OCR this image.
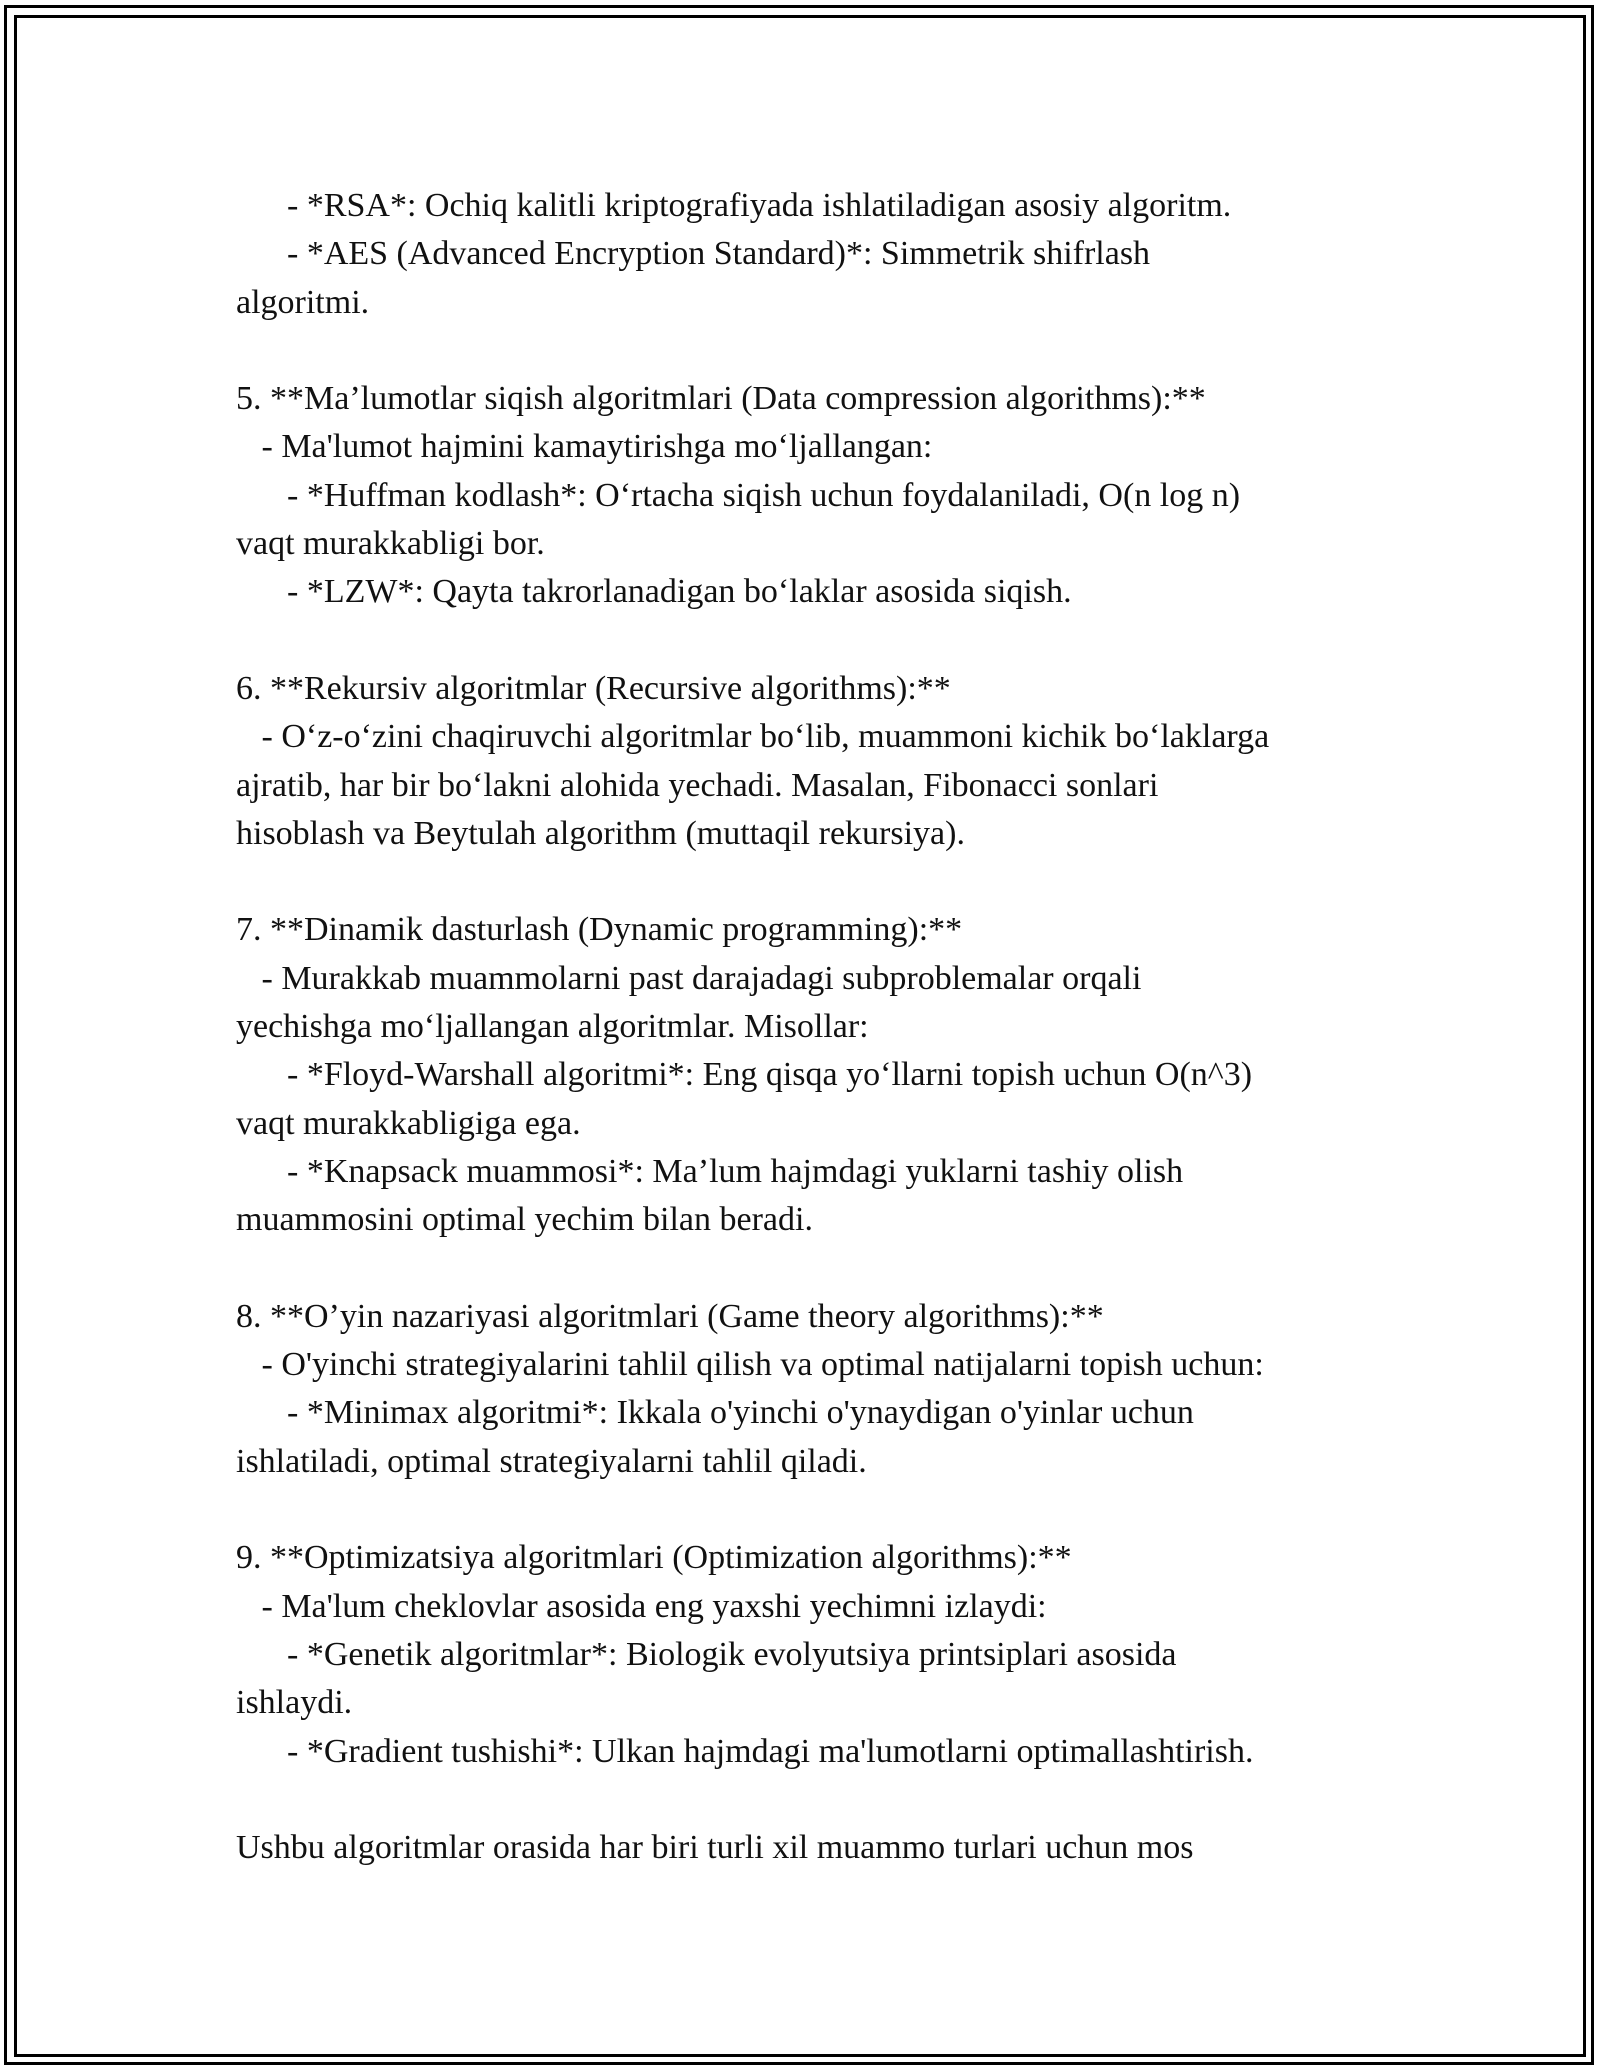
- *RSA*: Ochiq kalitli kriptografiyada ishlatiladigan asosiy algoritm.
- *AES (Advanced Encryption Standard)*: Simmetrik shifrlash
algoritmi.
5. **Ma’lumotlar siqish algoritmlari (Data compression algorithms):**
- Ma'lumot hajmini kamaytirishga mo‘ljallangan:
- *Huffman kodlash*: O‘rtacha siqish uchun foydalaniladi, O(n log n)
vaqt murakkabligi bor.
- *LZW*: Qayta takrorlanadigan bo‘laklar asosida siqish.
6. **Rekursiv algoritmlar (Recursive algorithms):**
- O‘z-o‘zini chaqiruvchi algoritmlar bo‘lib, muammoni kichik bo‘laklarga
ajratib, har bir bo‘lakni alohida yechadi. Masalan, Fibonacci sonlari
hisoblash va Beytulah algorithm (muttaqil rekursiya).
7. **Dinamik dasturlash (Dynamic programming):**
- Murakkab muammolarni past darajadagi subproblemalar orqali
yechishga mo‘ljallangan algoritmlar. Misollar:
- *Floyd-Warshall algoritmi*: Eng qisqa yo‘llarni topish uchun O(n^3)
vaqt murakkabligiga ega.
- *Knapsack muammosi*: Ma’lum hajmdagi yuklarni tashiy olish
muammosini optimal yechim bilan beradi.
8. **O’yin nazariyasi algoritmlari (Game theory algorithms):**
- O'yinchi strategiyalarini tahlil qilish va optimal natijalarni topish uchun:
- *Minimax algoritmi*: Ikkala o'yinchi o'ynaydigan o'yinlar uchun
ishlatiladi, optimal strategiyalarni tahlil qiladi.
9. **Optimizatsiya algoritmlari (Optimization algorithms):**
- Ma'lum cheklovlar asosida eng yaxshi yechimni izlaydi:
- *Genetik algoritmlar*: Biologik evolyutsiya printsiplari asosida
ishlaydi.
- *Gradient tushishi*: Ulkan hajmdagi ma'lumotlarni optimallashtirish.
Ushbu algoritmlar orasida har biri turli xil muammo turlari uchun mos
